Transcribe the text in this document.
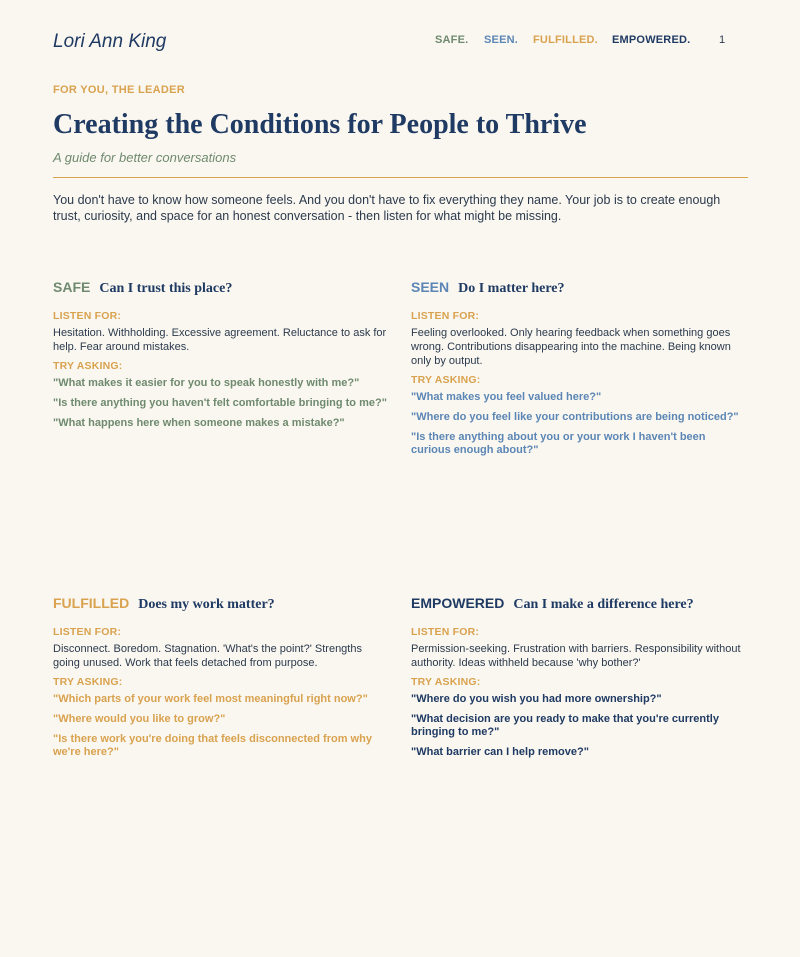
Lori Ann King	SAFE. SEEN. FULFILLED. EMPOWERED.	1
FOR YOU, THE LEADER
Creating the Conditions for People to Thrive
A guide for better conversations

You don't have to know how someone feels. And you don't have to fix everything they name. Your job is to create enough trust, curiosity, and space for an honest conversation - then listen for what might be missing.

SAFE Can I trust this place?
LISTEN FOR:
Hesitation. Withholding. Excessive agreement. Reluctance to ask for help. Fear around mistakes.
TRY ASKING:
"What makes it easier for you to speak honestly with me?"
"Is there anything you haven't felt comfortable bringing to me?"
"What happens here when someone makes a mistake?"
SEEN Do I matter here?
LISTEN FOR:
Feeling overlooked. Only hearing feedback when something goes wrong. Contributions disappearing into the machine. Being known only by output.
TRY ASKING:
"What makes you feel valued here?"
"Where do you feel like your contributions are being noticed?"
"Is there anything about you or your work I haven't been curious enough about?"
FULFILLED Does my work matter?
LISTEN FOR:
Disconnect. Boredom. Stagnation. 'What's the point?' Strengths going unused. Work that feels detached from purpose.
TRY ASKING:
"Which parts of your work feel most meaningful right now?"
"Where would you like to grow?"
"Is there work you're doing that feels disconnected from why we're here?"
EMPOWERED Can I make a difference here?
LISTEN FOR:
Permission-seeking. Frustration with barriers. Responsibility without authority. Ideas withheld because 'why bother?'
TRY ASKING:
"Where do you wish you had more ownership?"
"What decision are you ready to make that you're currently bringing to me?"
"What barrier can I help remove?"
